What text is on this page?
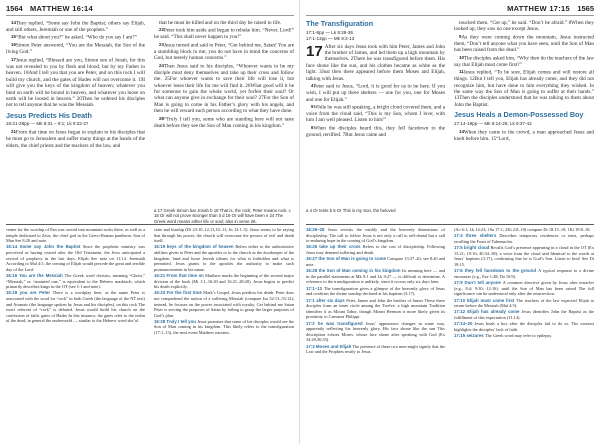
1564 MATTHEW 16:14

14They replied, “Some say John the Baptist; others say Elijah, and still others, Jeremiah or one of the prophets.”

15“But what about you?” he asked. “Who do you say I am?”

16Simon Peter answered, “You are the Messiah, the Son of the living God.”

17Jesus replied, “Blessed are you, Simon son of Jonah, for this was not revealed to you by flesh and blood, but by my Father in heaven. 18And I tell you that you are Peter, and on this rock I will build my church, and the gates of Hades will not overcome it. 19I will give you the keys of the kingdom of heaven; whatever you bind on earth will be bound in heaven, and whatever you loose on earth will be loosed in heaven.” 20Then he ordered his disciples not to tell anyone that he was the Messiah.

Jesus Predicts His Death
16:21-28pp — Mk 8:31 – 9:1; Lk 9:22-27

21From that time on Jesus began to explain to his disciples that he must go to Jerusalem and suffer many things at the hands of the elders, the chief priests and the teachers of the law, and

that he must be killed and on the third day be raised to life.

22Peter took him aside and began to rebuke him. “Never, Lord!” he said. “This shall never happen to you!”

23Jesus turned and said to Peter, “Get behind me, Satan! You are a stumbling block to me; you do not have in mind the concerns of God, but merely human concerns.”

24Then Jesus said to his disciples, “Whoever wants to be my disciple must deny themselves and take up their cross and follow me. 25For whoever wants to save their life will lose it, but whoever loses their life for me will find it. 26What good will it be for someone to gain the whole world, yet forfeit their soul? Or what can anyone give in exchange for their soul? 27For the Son of Man is going to come in his Father’s glory with his angels, and then he will reward each person according to what they have done.

28“Truly I tell you, some who are standing here will not taste death before they see the Son of Man coming in his kingdom.”

a 17 Greek Simon bar Jonah b 18 That is, the rock; Peter means rock. c 18 Or will not prove stronger than it d 19 Or will have been e 24 The Greek word means either life or soul; also in verse 26.

center for the worship of Pan was carved into mountain rocks there, as well as a temple dedicated to Zeus, the chief god in the Greco-Roman pantheon. Son of Man See 8:20 and note.

16:14 Some say John the Baptist Since the prophetic ministry was perceived as having ceased after the Old Testament, the Jews anticipated a revival of prophecy in the last days. Elijah See note on 11:14. Jeremiah According to Mal 4:5, the coming of Elijah would precede the great and terrible day of the Lord.

16:16 You are the Messiah The Greek word christos, meaning “Christ,” “Messiah,” or “anointed one,” is equivalent to the Hebrew mashiach, which primarily describes kings in the OT (see 1:1 and note).

16:18 you are Peter There is a wordplay here, as the name Peter is associated with the word for “rock” in both Greek (the language of the NT text) and Aramaic (the language spoken by Jesus and his disciples). on this rock The exact referent of “rock” is debated. Jesus would build his church on the confession of faith. gates of Hades In this instance, the gates refer to the realm of the dead, in general the underworld — similar to the Hebrew word she’ol.

ciate and kinship (Dt 23:10–12,13,10–11; Jn 12:1–5). Jesus seems to be saying that through his power, the church will overcome the powers of evil and death itself.

16:19 keys of the kingdom of heaven Refers either to the authoritative abilities given to Peter and the apostles or to the church as the doorkeeper of the kingdom. bind and loose Jewish idioms for what is forbidden and what is permitted. Jesus grants to the apostles the authority to make such pronouncements in his name.

16:21 From that time on Matthew marks the beginning of the second major division of the book (Mt 1:1–16:20 and 16:21–28:20). Jesus begins to predict his death explicitly.

16:23 For the first time Mark’s Gospel, Jesus predicts his death. Peter does not comprehend the notion of a suffering Messiah (compare Isa 52:13–53:12); instead, he focuses on the power associated with royalty. Get behind me Satan Peter is serving the purposes of Satan by failing to grasp the larger purposes of God’s plan.

16:28 Truly I tell you Jesus promises that some of his disciples would see the Son of Man coming in his kingdom. This likely refers to the transfiguration (17:1–13), the next event Matthew narrates.

MATTHEW 17:15 1565
The Transfiguration
17:1-8pp — Lk 9:28-36
17:1-13pp — Mk 9:2-13

17 After six days Jesus took with him Peter, James and John the brother of James, and led them up a high mountain by themselves. 2There he was transfigured before them. His face shone like the sun, and his clothes became as white as the light. 3Just then there appeared before them Moses and Elijah, talking with Jesus.

4Peter said to Jesus, “Lord, it is good for us to be here. If you wish, I will put up three shelters — one for you, one for Moses and one for Elijah.”

5While he was still speaking, a bright cloud covered them, and a voice from the cloud said, “This is my Son, whom I love; with him I am well pleased. Listen to him!”

6When the disciples heard this, they fell facedown to the ground, terrified. 7But Jesus came and

touched them. “Get up,” he said. “Don’t be afraid.” 8When they looked up, they saw no one except Jesus.

9As they were coming down the mountain, Jesus instructed them, “Don’t tell anyone what you have seen, until the Son of Man has been raised from the dead.”

10The disciples asked him, “Why then do the teachers of the law say that Elijah must come first?”

11Jesus replied, “To be sure, Elijah comes and will restore all things. 12But I tell you, Elijah has already come, and they did not recognize him, but have done to him everything they wished. In the same way the Son of Man is going to suffer at their hands.” 13Then the disciples understood that he was talking to them about John the Baptist.

Jesus Heals a Demon-Possessed Boy
17:14-19pp — Mk 9:14-28; Lk 9:37-42

14When they came to the crowd, a man approached Jesus and knelt before him. 15“Lord,

a 4 Or tents b 5 Or This is my Son, the beloved

16:26–28 Jesus revisits the earthly and the heavenly dimensions of discipleship. The call to follow Jesus is not only a call to self-denial but a call to enduring hope in the coming of God’s kingdom.

16:26 take up their cross Refers to the cost of discipleship. Following Jesus may demand suffering and death.

16:27 the Son of Man is going to come Compare 13:37–43; see 8:20 and note.

16:28 the Son of Man coming in his kingdom Its meaning here — and in the parallel statements at Mk 9:1 and Lk 9:27 — is difficult to determine. A reference to the transfiguration is unlikely, since it occurs only six days later.

17:1–13 The transfiguration gives a glimpse of the heavenly glory of Jesus and confirms the divine sonship declared at his baptism (3:17).

17:1 after six days Peter, James and John the brother of James These three disciples form an inner circle among the Twelve. a high mountain Tradition identifies it as Mount Tabor, though Mount Hermon is more likely given its proximity to Caesarea Philippi.

17:2 he was transfigured Jesus’ appearance changes in some way, apparently reflecting his heavenly glory. His face shone like the sun This description echoes Moses, whose face shone after speaking with God (Ex 34:29,30,35).

17:3 Moses and Elijah The presence of these two men might signify that the Law and the Prophets testify to Jesus.

(Ac 6:1; Lk 14:23; 1Sa 17:1; 2Ki 2:8–18) compare Dt 18:15–19; 1Ki 19:8–18.

17:4 three shelters Describes temporary residences or tents, perhaps recalling the Feast of Tabernacles.

17:5 bright cloud Recalls God’s presence appearing in a cloud in the OT (Ex 13:21; 19:16; 40:34–38). a voice from the cloud said Identical to the words at Jesus’ baptism (3:17), confirming that he is God’s Son. Listen to him! See Dt 18:15.

17:6 they fell facedown to the ground A typical response to a divine encounter (e.g., Eze 1:28; Da 10:9).

17:9 Don’t tell anyone A common directive given by Jesus after miracles (e.g., 8:4; 9:30; 12:16). until the Son of Man has been raised The full significance can be understood only after the resurrection.

17:10 Elijah must come first The teachers of the law expected Elijah to return before the Messiah (Mal 4:5).

17:12 Elijah has already come Jesus identifies John the Baptist as the fulfillment of this expectation (11:14).

17:14–20 Jesus heals a boy after the disciples fail to do so. The contrast highlights the disciples’ lack of faith.

17:15 seizures The Greek word may refer to epilepsy.
